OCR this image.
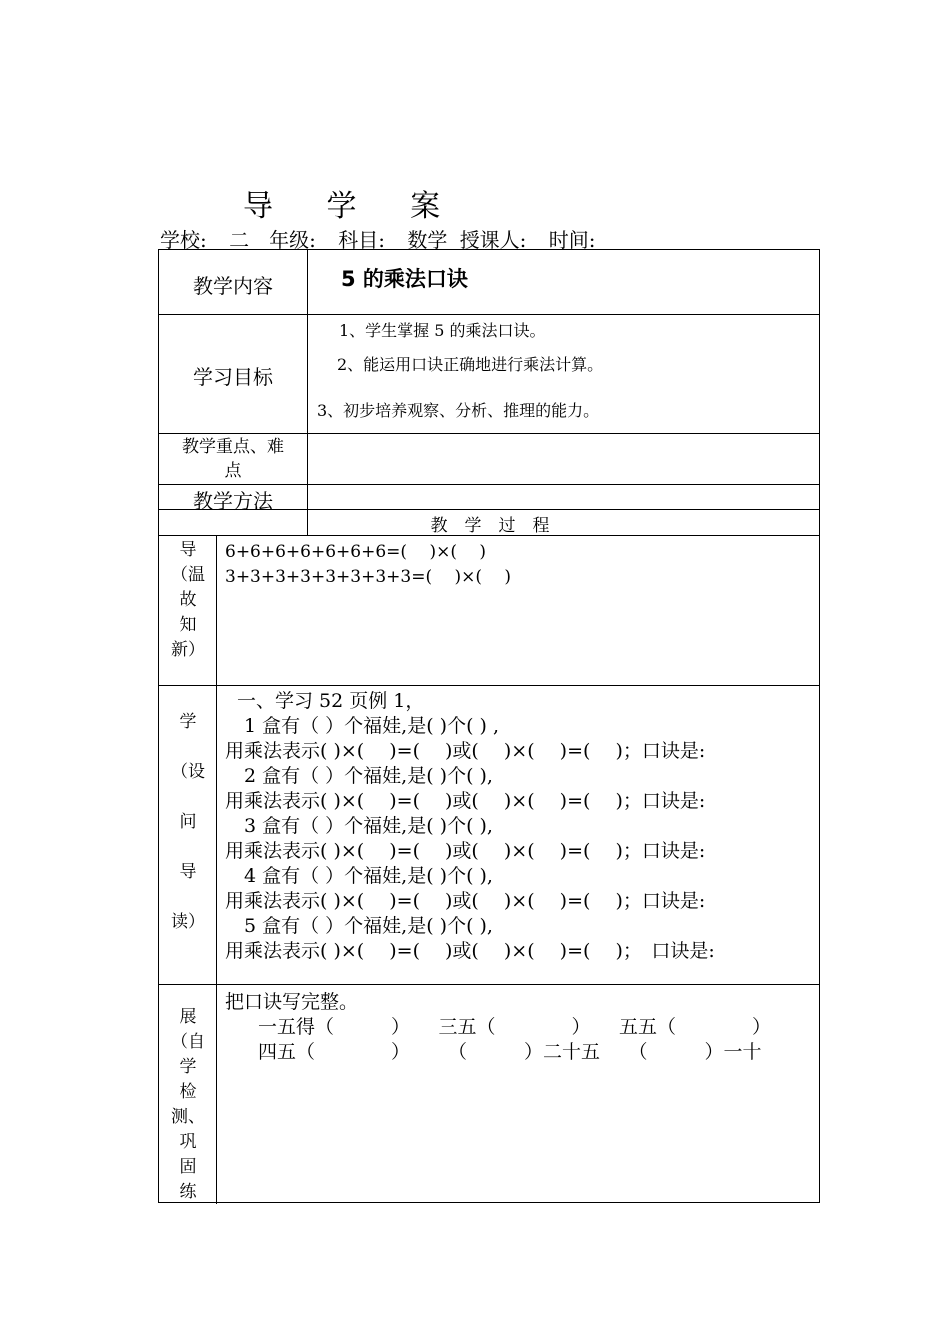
导 学 案
学校: 二　年级: 科目: 数学 授课人: 时间:
教学内容	5 的乘法口诀
学习目标
1、学生掌握 5 的乘法口诀。
2、能运用口诀正确地进行乘法计算。
3、初步培养观察、分析、推理的能力。
教学重点、难
点
教学方法
教　学　过　程
导
（温
故
知
新）
6+6+6+6+6+6+6=(　 )×(　 )
3+3+3+3+3+3+3+3=(　 )×(　 )
学
（设
问
导
读）
一、学习 52 页例 1，
　1 盒有（ ）个福娃,是( )个( ) ,
用乘法表示( )×(　 )=(　 )或(　 )×(　 )=(　 )；口诀是:
　2 盒有（ ）个福娃,是( )个( ),
用乘法表示( )×(　 )=(　 )或(　 )×(　 )=(　 )；口诀是:
　3 盒有（ ）个福娃,是( )个( ),
用乘法表示( )×(　 )=(　 )或(　 )×(　 )=(　 )；口诀是:
　4 盒有（ ）个福娃,是( )个( ),
用乘法表示( )×(　 )=(　 )或(　 )×(　 )=(　 )；口诀是:
　5 盒有（ ）个福娃,是( )个( ),
用乘法表示( )×(　 )=(　 )或(　 )×(　 )=(　 )；　口诀是:
展
（自
学
检
测、
巩
固
练
把口诀写完整。
　一五得（　　　）　　三五（　　　　）　　五五（　　　　）
　四五（　　　　）　　　（　　　）二十五　　（　　　）一十
